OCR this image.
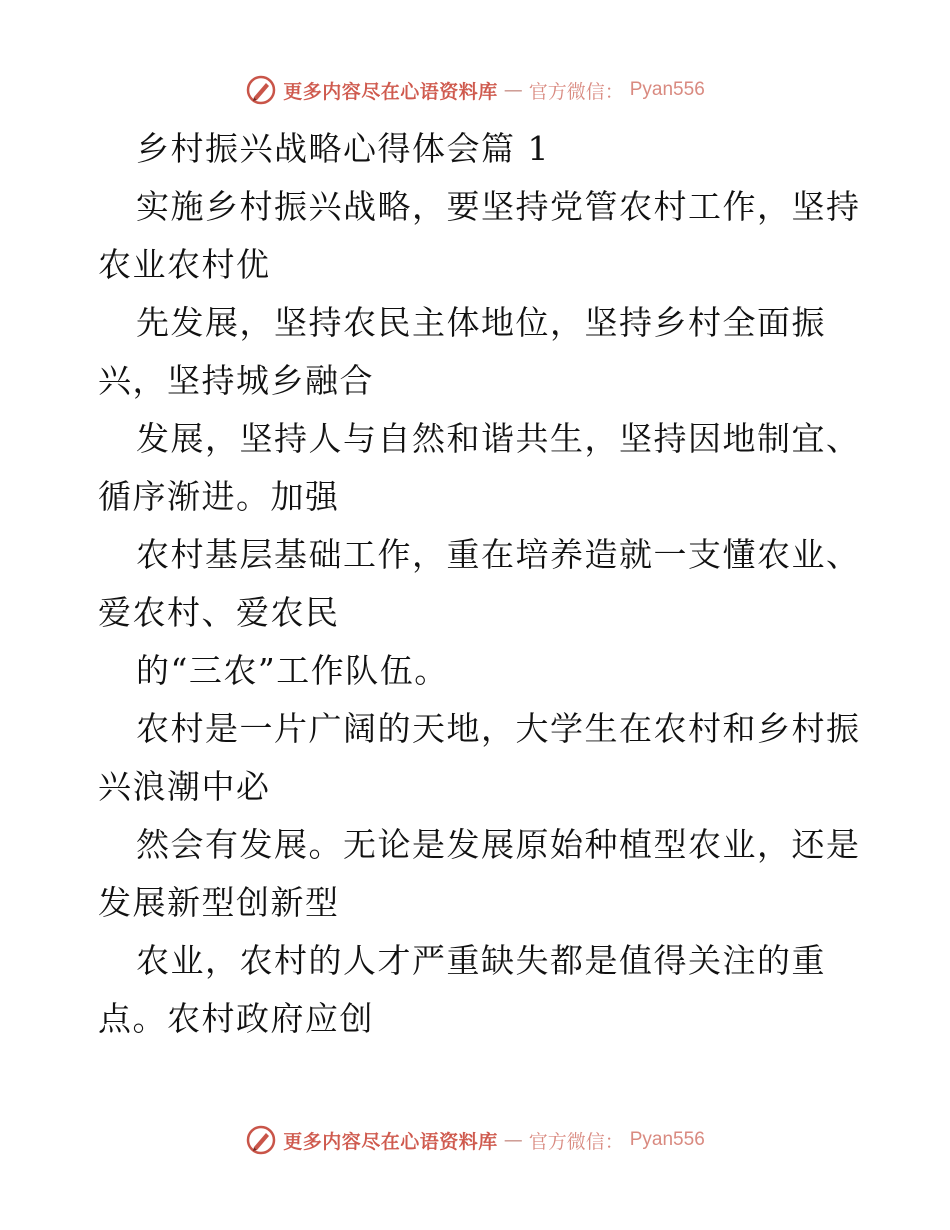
更多内容尽在心语资料库 — 官方微信： Pyan556
乡村振兴战略心得体会篇 1
实施乡村振兴战略，要坚持党管农村工作，坚持
农业农村优
先发展，坚持农民主体地位，坚持乡村全面振
兴，坚持城乡融合
发展，坚持人与自然和谐共生，坚持因地制宜、
循序渐进。加强
农村基层基础工作，重在培养造就一支懂农业、
爱农村、爱农民
的“三农”工作队伍。
农村是一片广阔的天地，大学生在农村和乡村振
兴浪潮中必
然会有发展。无论是发展原始种植型农业，还是
发展新型创新型
农业，农村的人才严重缺失都是值得关注的重
点。农村政府应创
更多内容尽在心语资料库 — 官方微信： Pyan556
